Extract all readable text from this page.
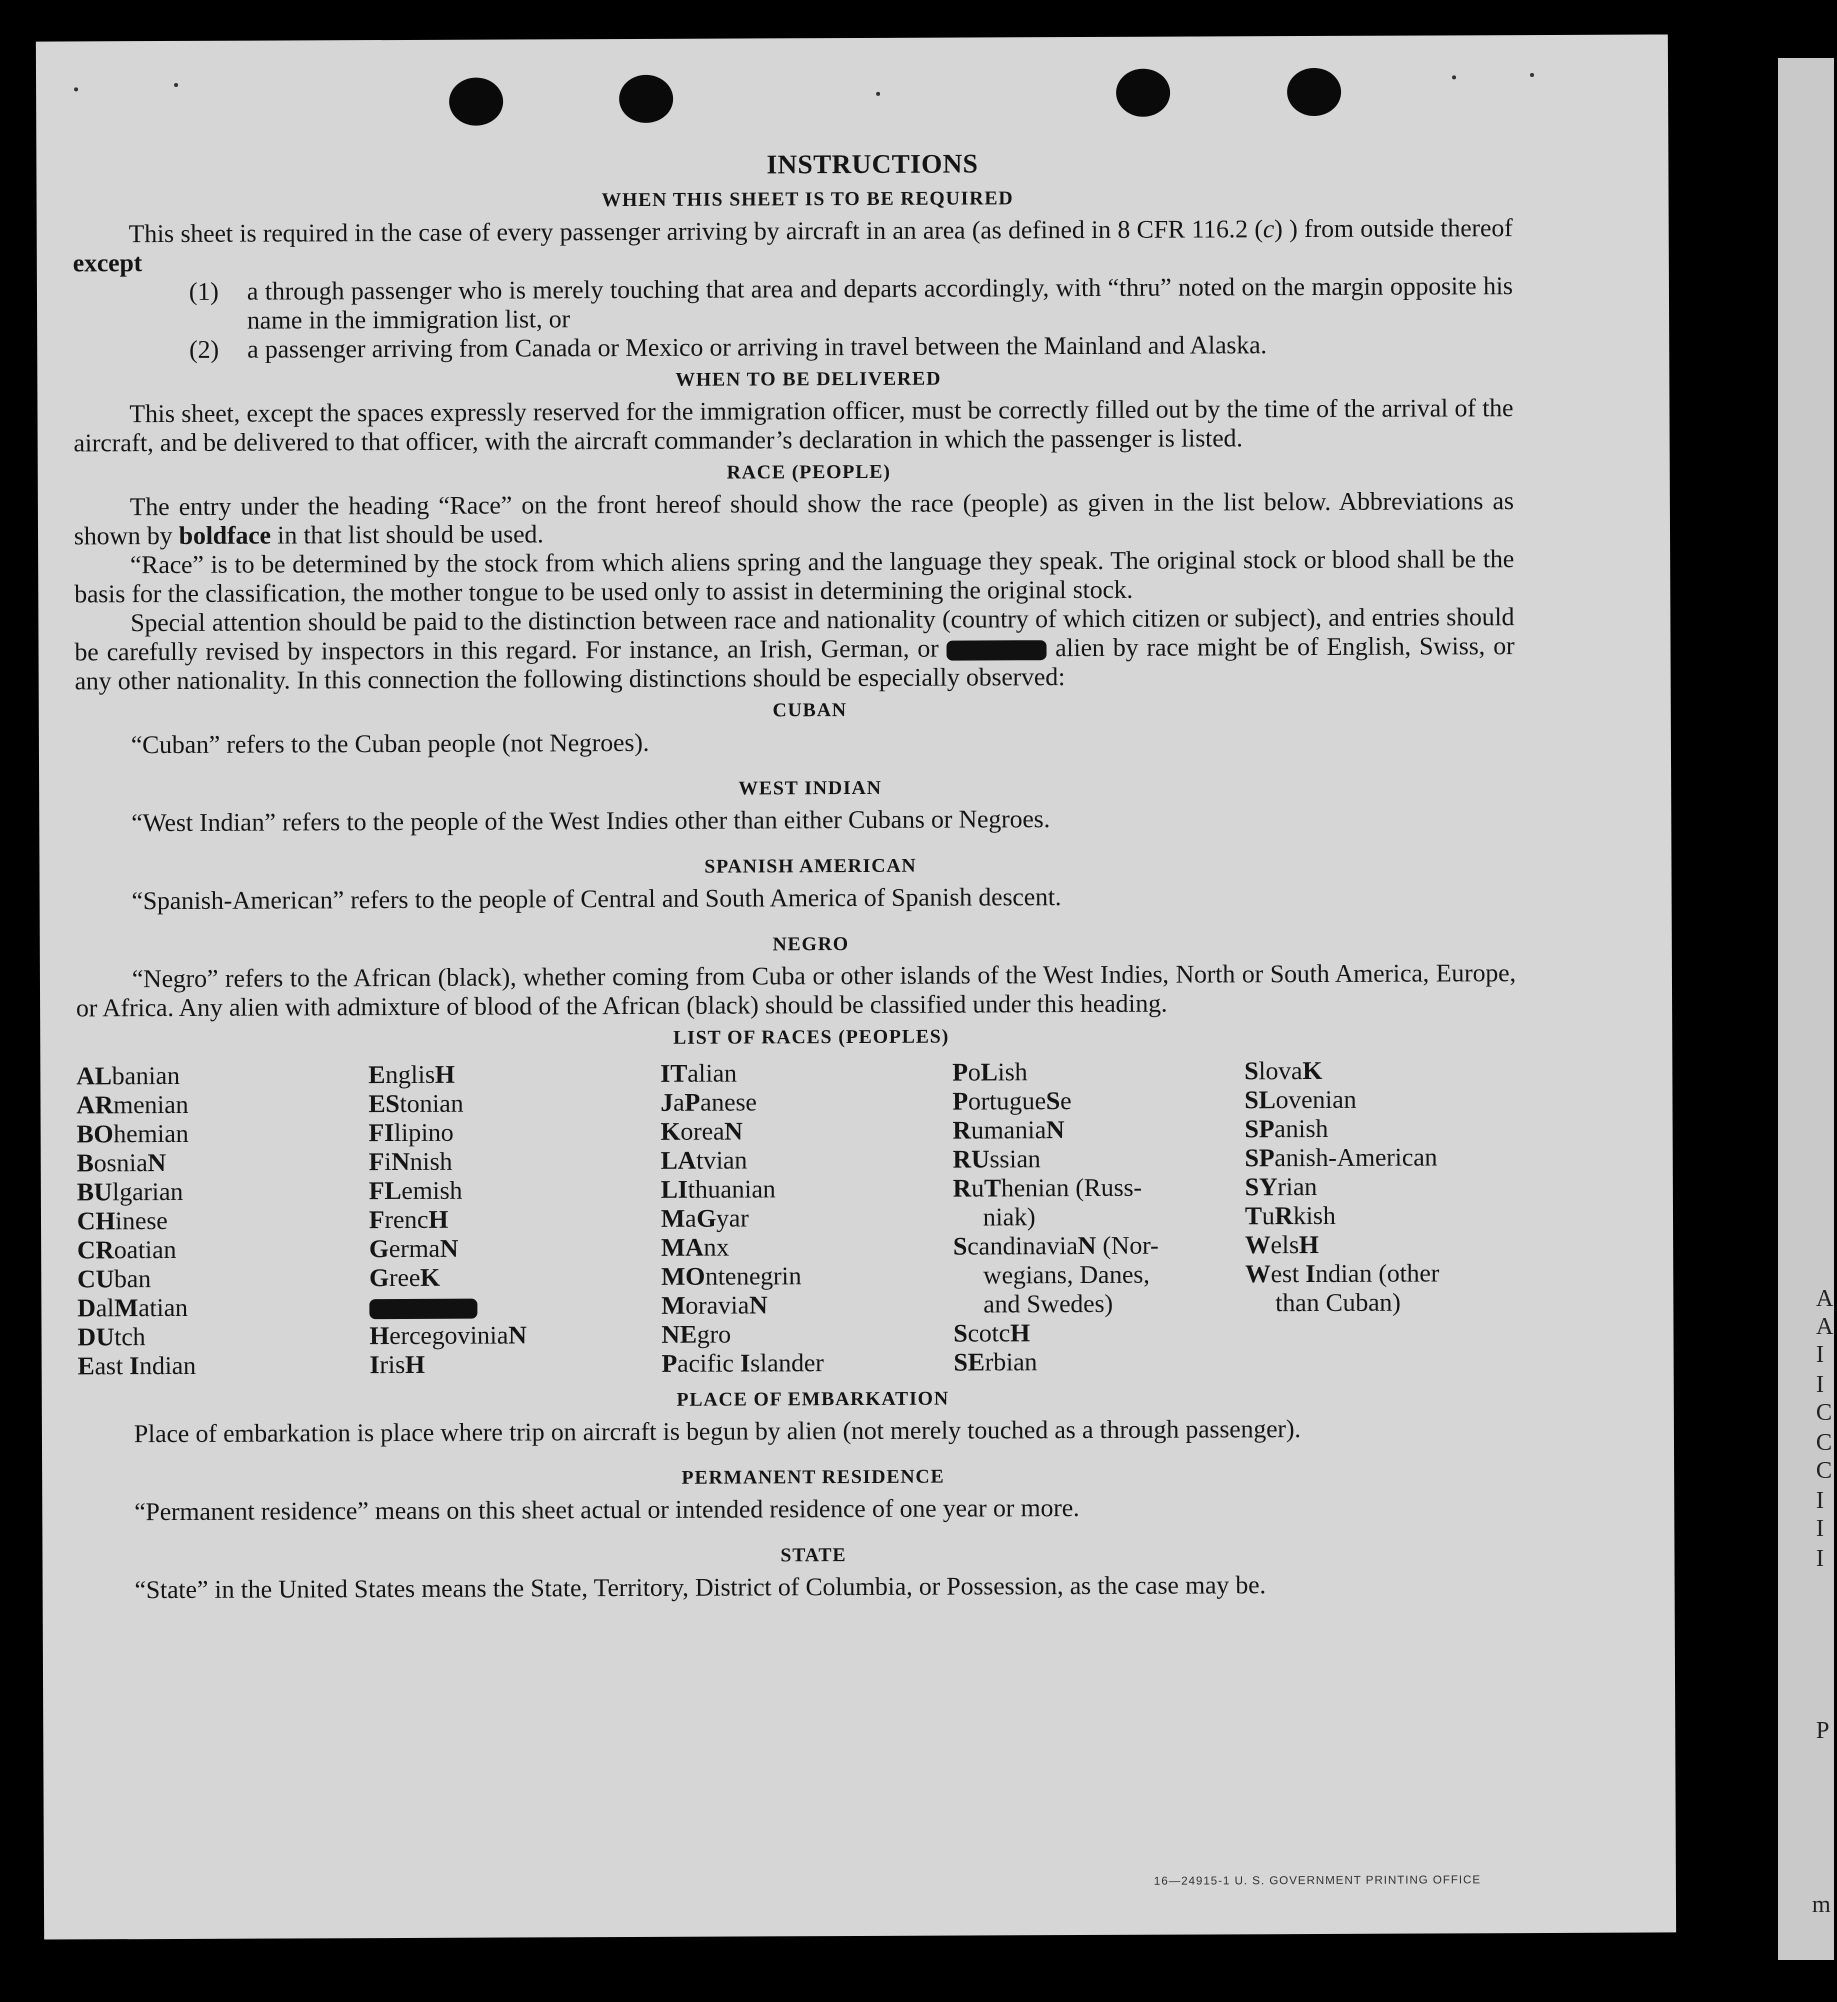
A
A
I
I
C
C
C
I
I
I
P
m
INSTRUCTIONS
WHEN THIS SHEET IS TO BE REQUIRED

This sheet is required in the case of every passenger arriving by aircraft in an area (as defined in 8 CFR 116.2 (c) ) from outside thereof except

(1)	a through passenger who is merely touching that area and departs accordingly, with “thru” noted on the margin opposite his name in the immigration list, or
(2)	a passenger arriving from Canada or Mexico or arriving in travel between the Mainland and Alaska.
WHEN TO BE DELIVERED

This sheet, except the spaces expressly reserved for the immigration officer, must be correctly filled out by the time of the arrival of the aircraft, and be delivered to that officer, with the aircraft commander’s declaration in which the passenger is listed.

RACE (PEOPLE)

The entry under the heading “Race” on the front hereof should show the race (people) as given in the list below. Abbreviations as shown by boldface in that list should be used.

“Race” is to be determined by the stock from which aliens spring and the language they speak. The original stock or blood shall be the basis for the classification, the mother tongue to be used only to assist in determining the original stock.

Special attention should be paid to the distinction between race and nationality (country of which citizen or subject), and entries should be carefully revised by inspectors in this regard. For instance, an Irish, German, or	alien by race might be of English, Swiss, or any other nationality. In this connection the following distinctions should be especially observed:

CUBAN

“Cuban” refers to the Cuban people (not Negroes).

WEST INDIAN

“West Indian” refers to the people of the West Indies other than either Cubans or Negroes.

SPANISH AMERICAN

“Spanish-American” refers to the people of Central and South America of Spanish descent.

NEGRO

“Negro” refers to the African (black), whether coming from Cuba or other islands of the West Indies, North or South America, Europe, or Africa. Any alien with admixture of blood of the African (black) should be classified under this heading.

LIST OF RACES (PEOPLES)
ALbanian
ARmenian
BOhemian
BosniaN
BUlgarian
CHinese
CRoatian
CUban
DalMatian
DUtch
East Indian
EnglisH
EStonian
FIlipino
FiNnish
FLemish
FrencH
GermaN
GreeK
HercegoviniaN
IrisH
ITalian
JaPanese
KoreaN
LAtvian
LIthuanian
MaGyar
MAnx
MOntenegrin
MoraviaN
NEgro
Pacific Islander
PoLish
PortugueSe
RumaniaN
RUssian
RuThenian (Russ-
niak)
ScandinaviaN (Nor-
wegians, Danes,
and Swedes)
ScotcH
SErbian
SlovaK
SLovenian
SPanish
SPanish-American
SYrian
TuRkish
WelsH
West Indian (other
than Cuban)
PLACE OF EMBARKATION

Place of embarkation is place where trip on aircraft is begun by alien (not merely touched as a through passenger).

PERMANENT RESIDENCE

“Permanent residence” means on this sheet actual or intended residence of one year or more.

STATE

“State” in the United States means the State, Territory, District of Columbia, or Possession, as the case may be.

16—24915-1 U. S. GOVERNMENT PRINTING OFFICE
